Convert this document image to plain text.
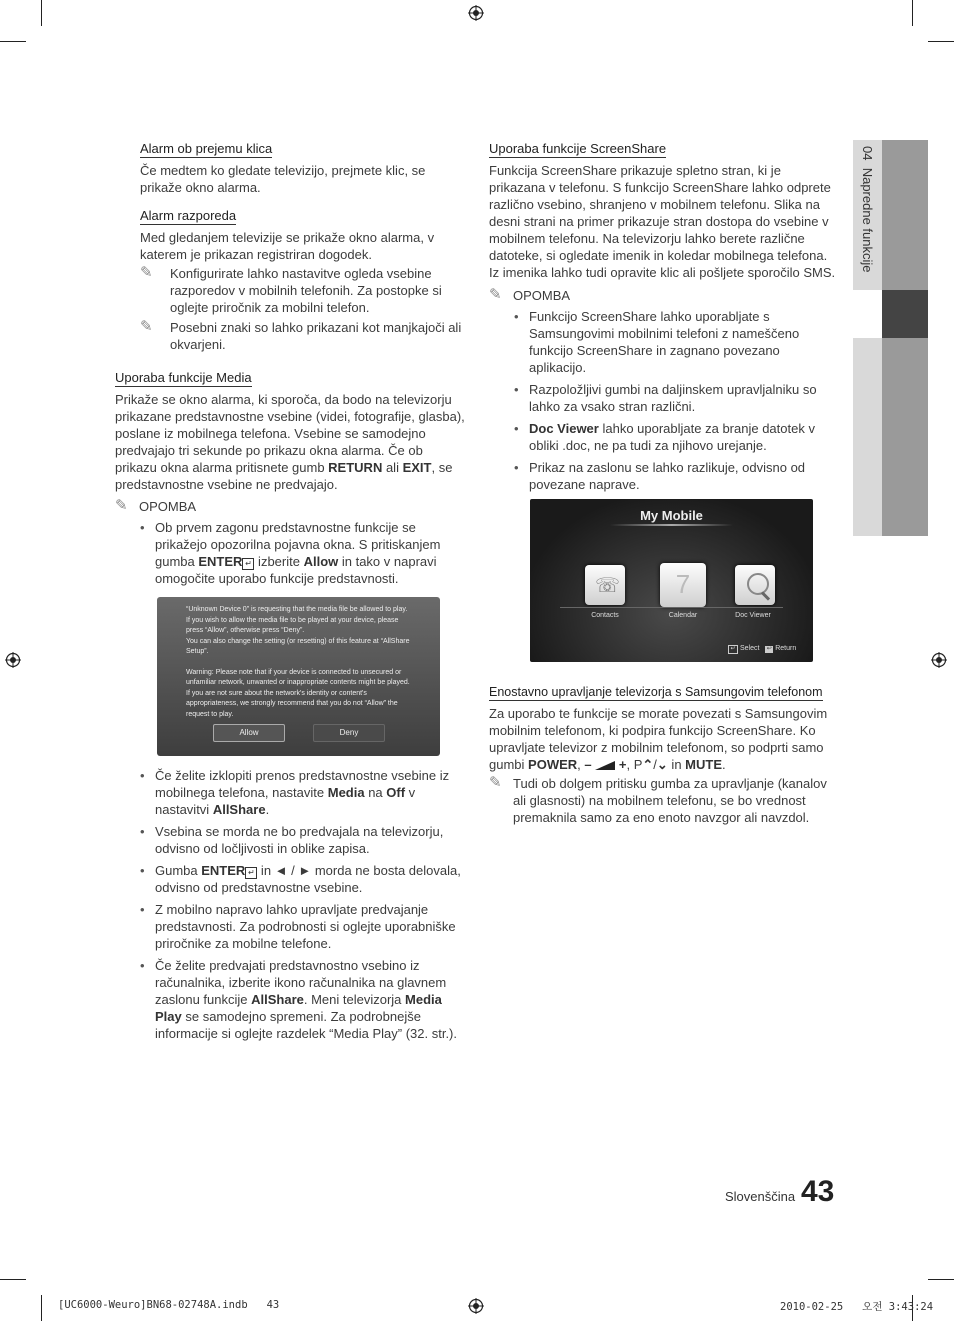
04  Napredne funkcije
Alarm ob prejemu klica

Če medtem ko gledate televizijo, prejmete klic, se prikaže okno alarma.

Alarm razporeda

Med gledanjem televizije se prikaže okno alarma, v katerem je prikazan registriran dogodek.

✎ Konfigurirate lahko nastavitve ogleda vsebine razporedov v mobilnih telefonih. Za postopke si oglejte priročnik za mobilni telefon.
✎ Posebni znaki so lahko prikazani kot manjkajoči ali okvarjeni.
Uporaba funkcije Media

Prikaže se okno alarma, ki sporoča, da bodo na televizorju prikazane predstavnostne vsebine (videi, fotografije, glasba), poslane iz mobilnega telefona. Vsebine se samodejno predvajajo tri sekunde po prikazu okna alarma. Če ob prikazu okna alarma pritisnete gumb RETURN ali EXIT, se predstavnostne vsebine ne predvajajo.

✎ OPOMBA
• Ob prvem zagonu predstavnostne funkcije se prikažejo opozorilna pojavna okna. S pritiskanjem gumba ENTER ↵ izberite Allow in tako v napravi omogočite uporabo funkcije predstavnosti.
“Unknown Device 0” is requesting that the media file be allowed to play.
If you wish to allow the media file to be played at your device, please press “Allow”, otherwise press “Deny”.
You can also change the setting (or resetting) of this feature at “AllShare Setup”.
Warning: Please note that if your device is connected to unsecured or unfamiliar network, unwanted or inappropriate contents might be played.
If you are not sure about the network's identity or content's appropriateness, we strongly recommend that you do not “Allow” the request to play.
Allow	Deny
• Če želite izklopiti prenos predstavnostne vsebine iz mobilnega telefona, nastavite Media na Off v nastavitvi AllShare.
• Vsebina se morda ne bo predvajala na televizorju, odvisno od ločljivosti in oblike zapisa.
• Gumba ENTER ↵ in ◄ / ► morda ne bosta delovala, odvisno od predstavnostne vsebine.
• Z mobilno napravo lahko upravljate predvajanje predstavnosti. Za podrobnosti si oglejte uporabniške priročnike za mobilne telefone.
• Če želite predvajati predstavnostno vsebino iz računalnika, izberite ikono računalnika na glavnem zaslonu funkcije AllShare. Meni televizorja Media Play se samodejno spremeni. Za podrobnejše informacije si oglejte razdelek “Media Play” (32. str.).
Uporaba funkcije ScreenShare

Funkcija ScreenShare prikazuje spletno stran, ki je prikazana v telefonu. S funkcijo ScreenShare lahko odprete različno vsebino, shranjeno v mobilnem telefonu. Slika na desni strani na primer prikazuje stran dostopa do vsebine v mobilnem telefonu. Na televizorju lahko berete različne datoteke, si ogledate imenik in koledar mobilnega telefona. Iz imenika lahko tudi opravite klic ali pošljete sporočilo SMS.

✎ OPOMBA
• Funkcijo ScreenShare lahko uporabljate s Samsungovimi mobilnimi telefoni z nameščeno funkcijo ScreenShare in zagnano povezano aplikacijo.
• Razpoložljivi gumbi na daljinskem upravljalniku so lahko za vsako stran različni.
• Doc Viewer lahko uporabljate za branje datotek v obliki .doc, ne pa tudi za njihovo urejanje.
• Prikaz na zaslonu se lahko razlikuje, odvisno od povezane naprave.
My Mobile
☏	7
Contacts	Calendar	Doc Viewer
↵ Select ↩ Return
Enostavno upravljanje televizorja s Samsungovim telefonom

Za uporabo te funkcije se morate povezati s Samsungovim mobilnim telefonom, ki podpira funkcijo ScreenShare. Ko upravljate televizor z mobilnim telefonom, so podprti samo gumbi POWER, – +, P⌃/⌄ in MUTE.

✎ Tudi ob dolgem pritisku gumba za upravljanje (kanalov ali glasnosti) na mobilnem telefonu, se bo vrednost premaknila samo za eno enoto navzgor ali navzdol.
Slovenščina 43
[UC6000-Weuro]BN68-02748A.indb   43	2010-02-25   오전 3:43:24
